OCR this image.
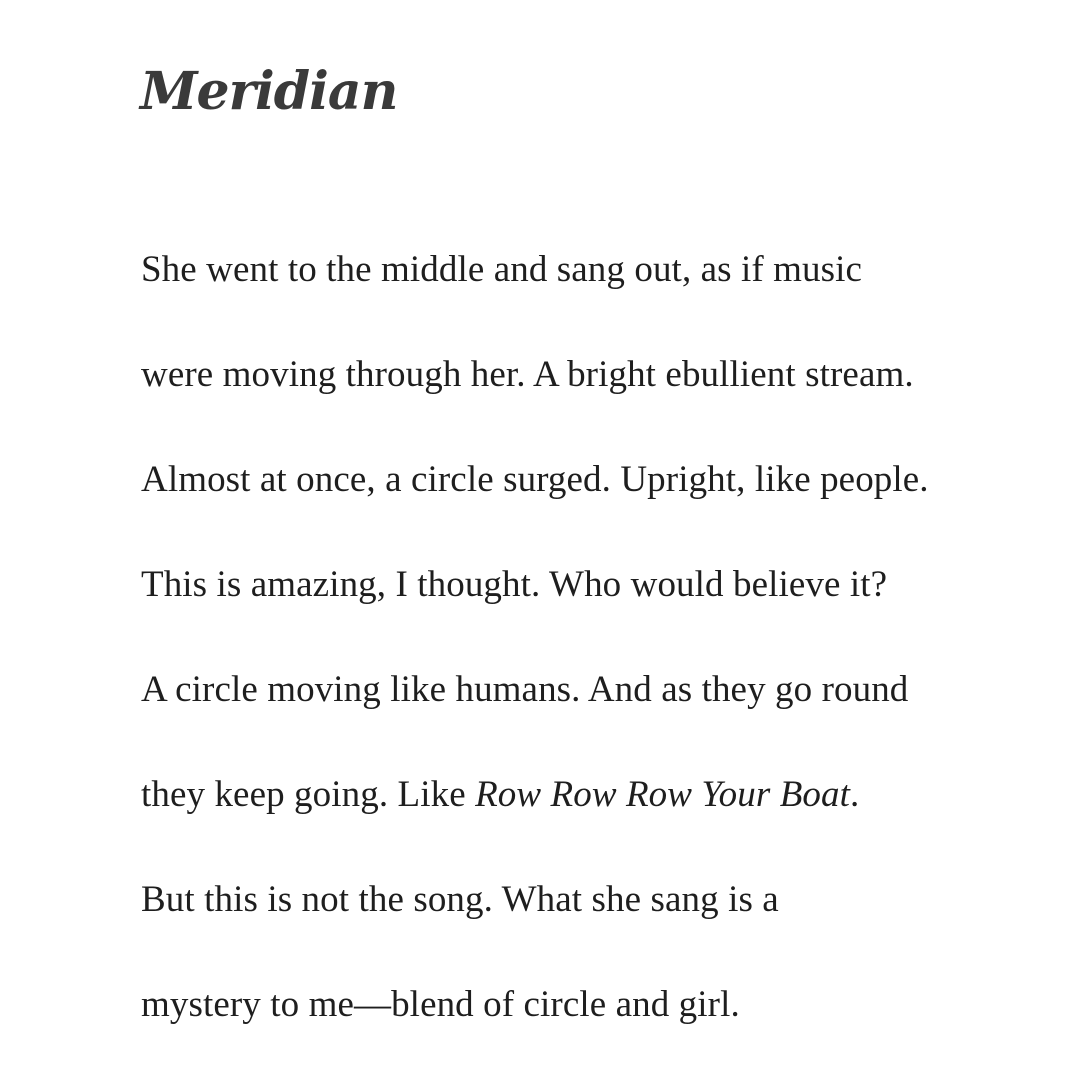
Meridian
She went to the middle and sang out, as if music
were moving through her. A bright ebullient stream.
Almost at once, a circle surged. Upright, like people.
This is amazing, I thought. Who would believe it?
A circle moving like humans. And as they go round
they keep going. Like Row Row Row Your Boat.
But this is not the song. What she sang is a
mystery to me—blend of circle and girl.
